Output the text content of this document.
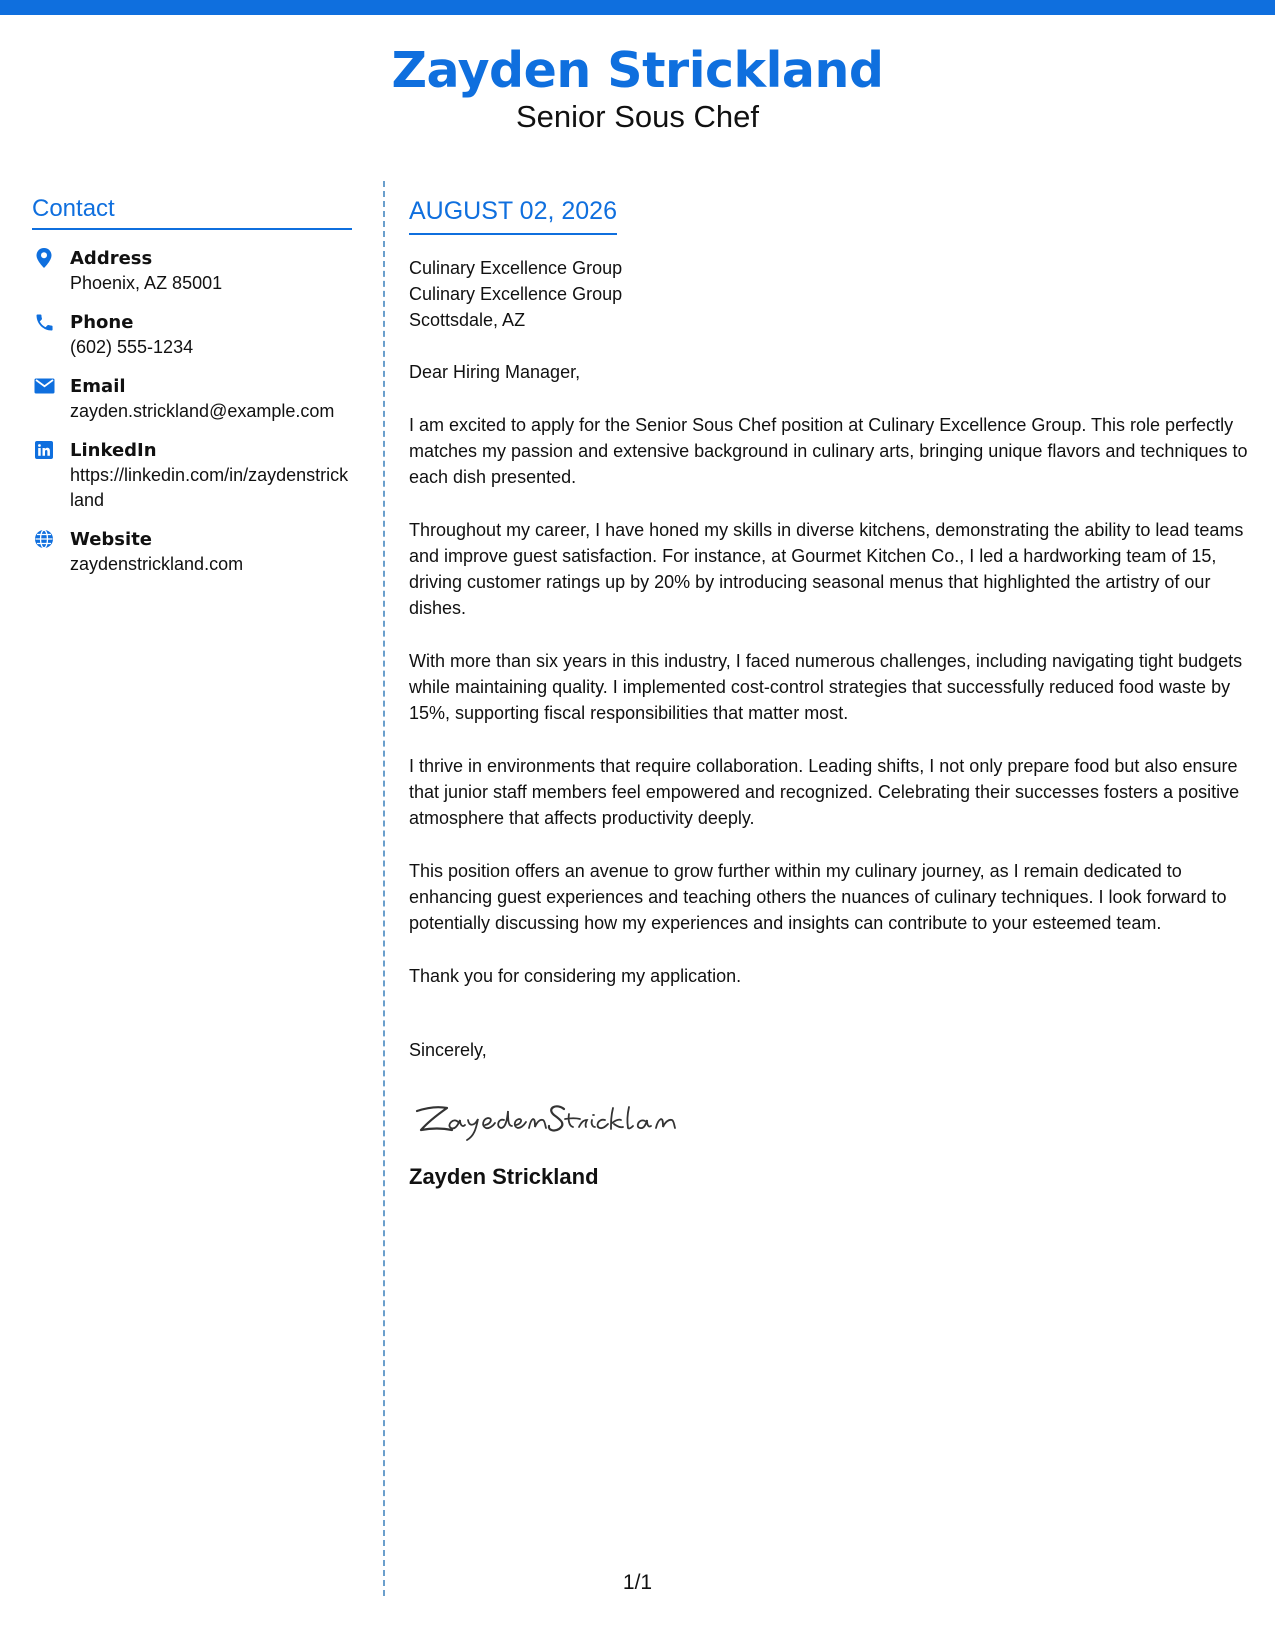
Zayden Strickland
Senior Sous Chef
Contact
Address
Phoenix, AZ 85001
Phone
(602) 555-1234
Email
zayden.strickland@example.com
LinkedIn
https://linkedin.com/in/zaydenstrickland
Website
zaydenstrickland.com
AUGUST 02, 2026
Culinary Excellence Group
Culinary Excellence Group
Scottsdale, AZ
Dear Hiring Manager,
I am excited to apply for the Senior Sous Chef position at Culinary Excellence Group. This role perfectly matches my passion and extensive background in culinary arts, bringing unique flavors and techniques to each dish presented.
Throughout my career, I have honed my skills in diverse kitchens, demonstrating the ability to lead teams and improve guest satisfaction. For instance, at Gourmet Kitchen Co., I led a hardworking team of 15, driving customer ratings up by 20% by introducing seasonal menus that highlighted the artistry of our dishes.
With more than six years in this industry, I faced numerous challenges, including navigating tight budgets while maintaining quality. I implemented cost-control strategies that successfully reduced food waste by 15%, supporting fiscal responsibilities that matter most.
I thrive in environments that require collaboration. Leading shifts, I not only prepare food but also ensure that junior staff members feel empowered and recognized. Celebrating their successes fosters a positive atmosphere that affects productivity deeply.
This position offers an avenue to grow further within my culinary journey, as I remain dedicated to enhancing guest experiences and teaching others the nuances of culinary techniques. I look forward to potentially discussing how my experiences and insights can contribute to your esteemed team.
Thank you for considering my application.
Sincerely,
Zayden Strickland
1/1
